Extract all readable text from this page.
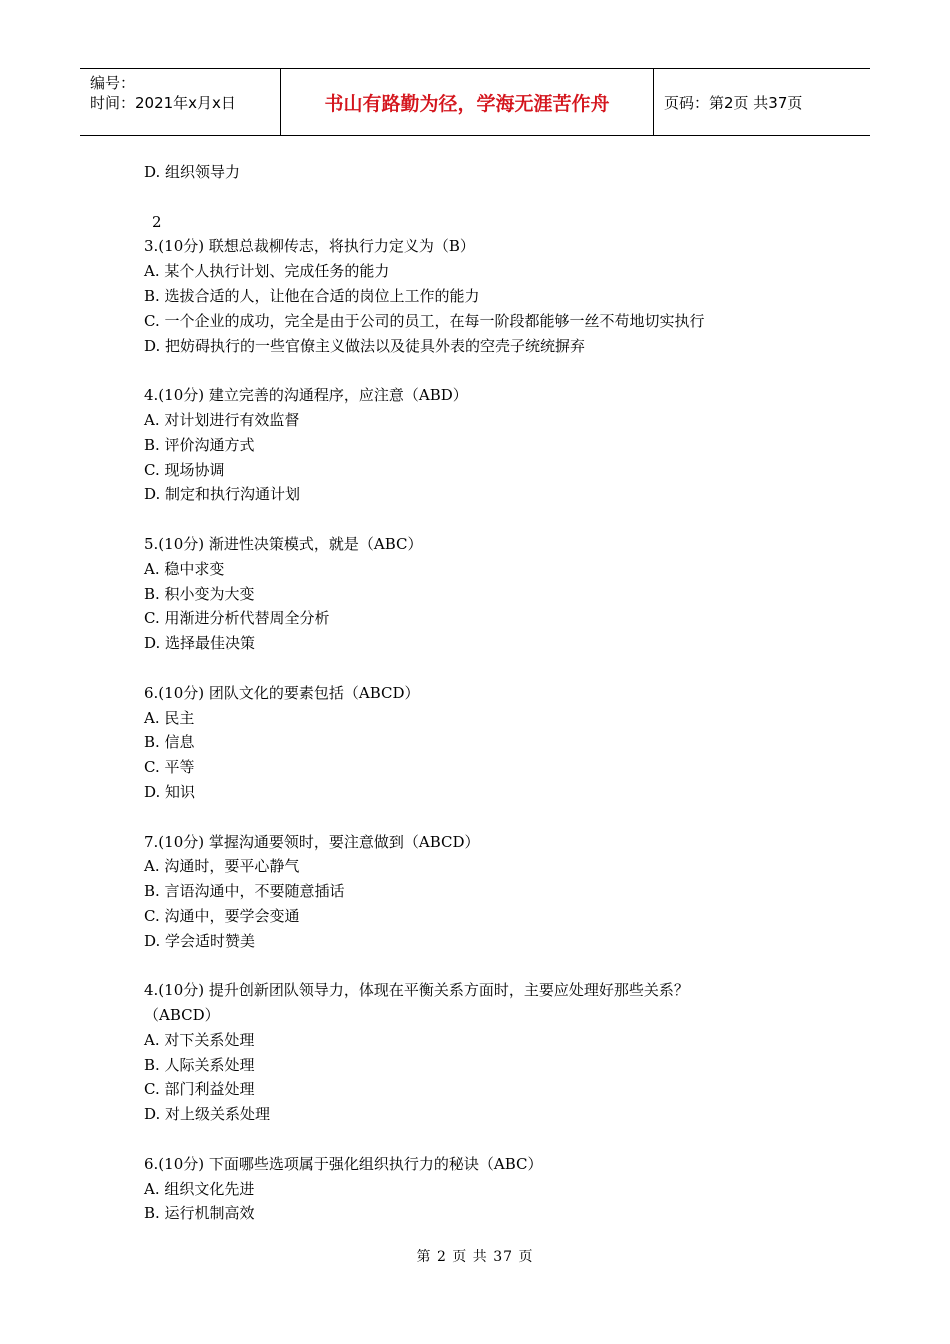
编号：
时间：2021年x月x日	书山有路勤为径，学海无涯苦作舟	页码：第2页 共37页
D. 组织领导力
2
3.(10分) 联想总裁柳传志，将执行力定义为（B）
A. 某个人执行计划、完成任务的能力
B. 选拔合适的人，让他在合适的岗位上工作的能力
C. 一个企业的成功，完全是由于公司的员工，在每一阶段都能够一丝不苟地切实执行
D. 把妨碍执行的一些官僚主义做法以及徒具外表的空壳子统统摒弃
4.(10分) 建立完善的沟通程序，应注意（ABD）
A. 对计划进行有效监督
B. 评价沟通方式
C. 现场协调
D. 制定和执行沟通计划
5.(10分) 渐进性决策模式，就是（ABC）
A. 稳中求变
B. 积小变为大变
C. 用渐进分析代替周全分析
D. 选择最佳决策
6.(10分) 团队文化的要素包括（ABCD）
A. 民主
B. 信息
C. 平等
D. 知识
7.(10分) 掌握沟通要领时，要注意做到（ABCD）
A. 沟通时，要平心静气
B. 言语沟通中，不要随意插话
C. 沟通中，要学会变通
D. 学会适时赞美
4.(10分) 提升创新团队领导力，体现在平衡关系方面时，主要应处理好那些关系？
（ABCD）
A. 对下关系处理
B. 人际关系处理
C. 部门利益处理
D. 对上级关系处理
6.(10分) 下面哪些选项属于强化组织执行力的秘诀（ABC）
A. 组织文化先进
B. 运行机制高效
第 2 页 共 37 页
